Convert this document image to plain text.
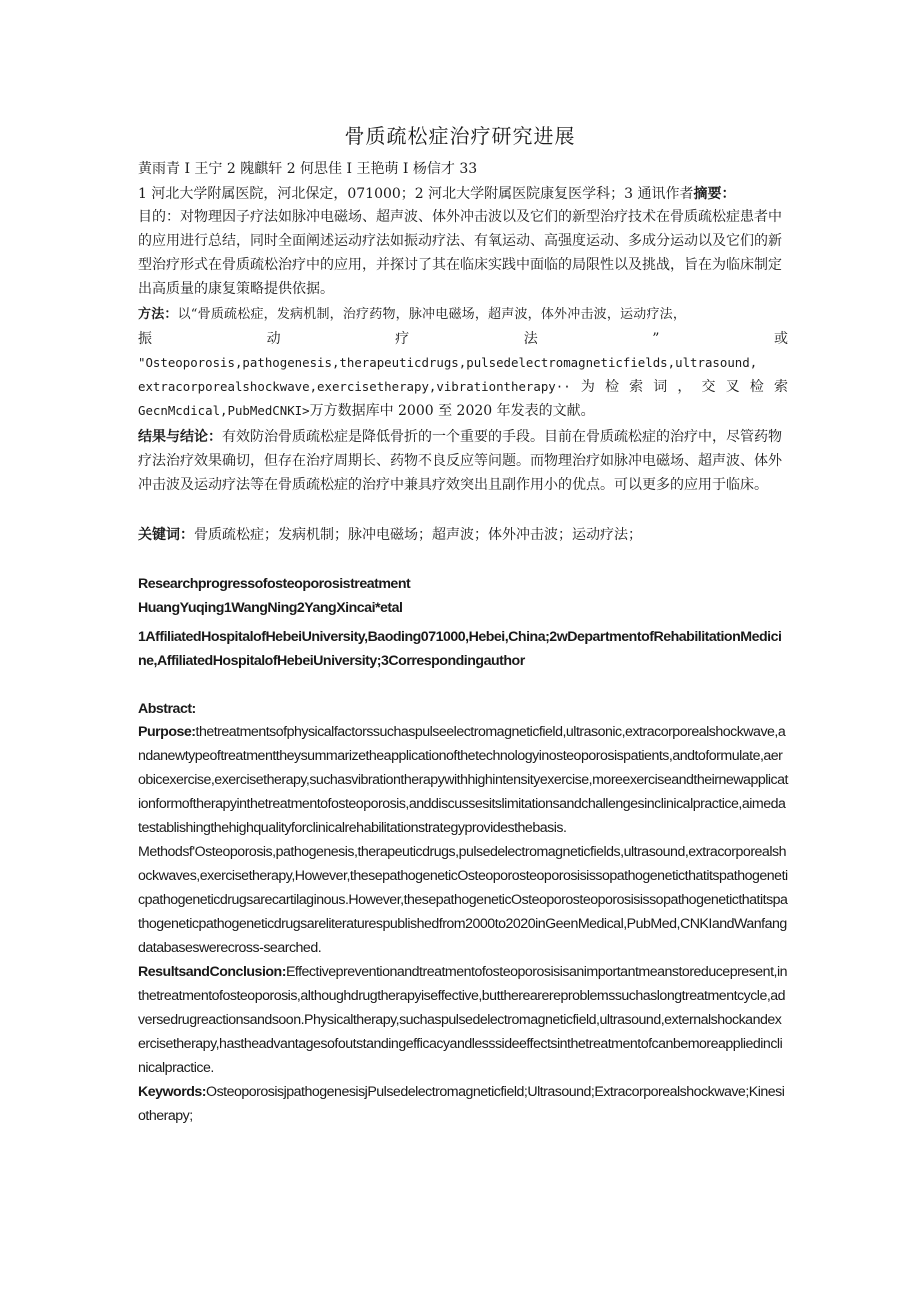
骨质疏松症治疗研究进展
黄雨青 I 王宁 2 隗麒轩 2 何思佳 I 王艳萌 I 杨信才 33
1 河北大学附属医院，河北保定，071000；2 河北大学附属医院康复医学科；3 通讯作者摘要：
目的：对物理因子疗法如脉冲电磁场、超声波、体外冲击波以及它们的新型治疗技术在骨质疏松症患者中的应用进行总结，同时全面阐述运动疗法如振动疗法、有氧运动、高强度运动、多成分运动以及它们的新型治疗形式在骨质疏松治疗中的应用，并探讨了其在临床实践中面临的局限性以及挑战，旨在为临床制定出高质量的康复策略提供依据。
方法：以“骨质疏松症，发病机制，治疗药物，脉冲电磁场，超声波，体外冲击波，运动疗法，
振	动	疗	法	”	或
"Osteoporosis,pathogenesis,therapeuticdrugs,pulsedelectromagneticfields,ultrasound,
extracorporealshockwave,exercisetherapy,vibrationtherapy·· 为 检 索 词 ， 交 叉 检 索
GecnMcdical,PubMedCNKI>万方数据库中 2000 至 2020 年发表的文献。
结果与结论：有效防治骨质疏松症是降低骨折的一个重要的手段。目前在骨质疏松症的治疗中，尽管药物疗法治疗效果确切，但存在治疗周期长、药物不良反应等问题。而物理治疗如脉冲电磁场、超声波、体外冲击波及运动疗法等在骨质疏松症的治疗中兼具疗效突出且副作用小的优点。可以更多的应用于临床。
关键词：骨质疏松症；发病机制；脉冲电磁场；超声波；体外冲击波；运动疗法；
Researchprogressofosteoporosistreatment
HuangYuqing1WangNing2YangXincai*etal
1AffiliatedHospitalofHebeiUniversity,Baoding071000,Hebei,China;2wDepartmentofRehabilitationMedicine,AffiliatedHospitalofHebeiUniversity;3Correspondingauthor
Abstract:

Purpose:thetreatmentsofphysicalfactorssuchaspulseelectromagneticfield,ultrasonic,extracorporealshockwave,andanewtypeoftreatmenttheysummarizetheapplicationofthetechnologyinosteoporosispatients,andtoformulate,aerobicexercise,exercisetherapy,suchasvibrationtherapywithhighintensityexercise,moreexerciseandtheirnewapplicationformoftherapyinthetreatmentofosteoporosis,anddiscussesitslimitationsandchallengesinclinicalpractice,aimedatestablishingthehighqualityforclinicalrehabilitationstrategyprovidesthebasis.

Methodsf'Osteoporosis,pathogenesis,therapeuticdrugs,pulsedelectromagneticfields,ultrasound,extracorporealshockwaves,exercisetherapy,However,thesepathogeneticOsteoporosteoporosisissopathogeneticthatitspathogeneticpathogeneticdrugsarecartilaginous.However,thesepathogeneticOsteoporosteoporosisissopathogeneticthatitspathogeneticpathogeneticdrugsareliteraturespublishedfrom2000to2020inGeenMedical,PubMed,CNKIandWanfangdatabaseswerecross-searched.

ResultsandConclusion:Effectivepreventionandtreatmentofosteoporosisisanimportantmeanstoreducepresent,inthetreatmentofosteoporosis,althoughdrugtherapyiseffective,buttherearereproblemssuchaslongtreatmentcycle,adversedrugreactionsandsoon.Physicaltherapy,suchaspulsedelectromagneticfield,ultrasound,externalshockandexercisetherapy,hastheadvantagesofoutstandingefficacyandlesssideeffectsinthetreatmentofcanbemoreappliedinclinicalpractice.

Keywords:OsteoporosisjpathogenesisjPulsedelectromagneticfield;Ultrasound;Extracorporealshockwave;Kinesiotherapy;
